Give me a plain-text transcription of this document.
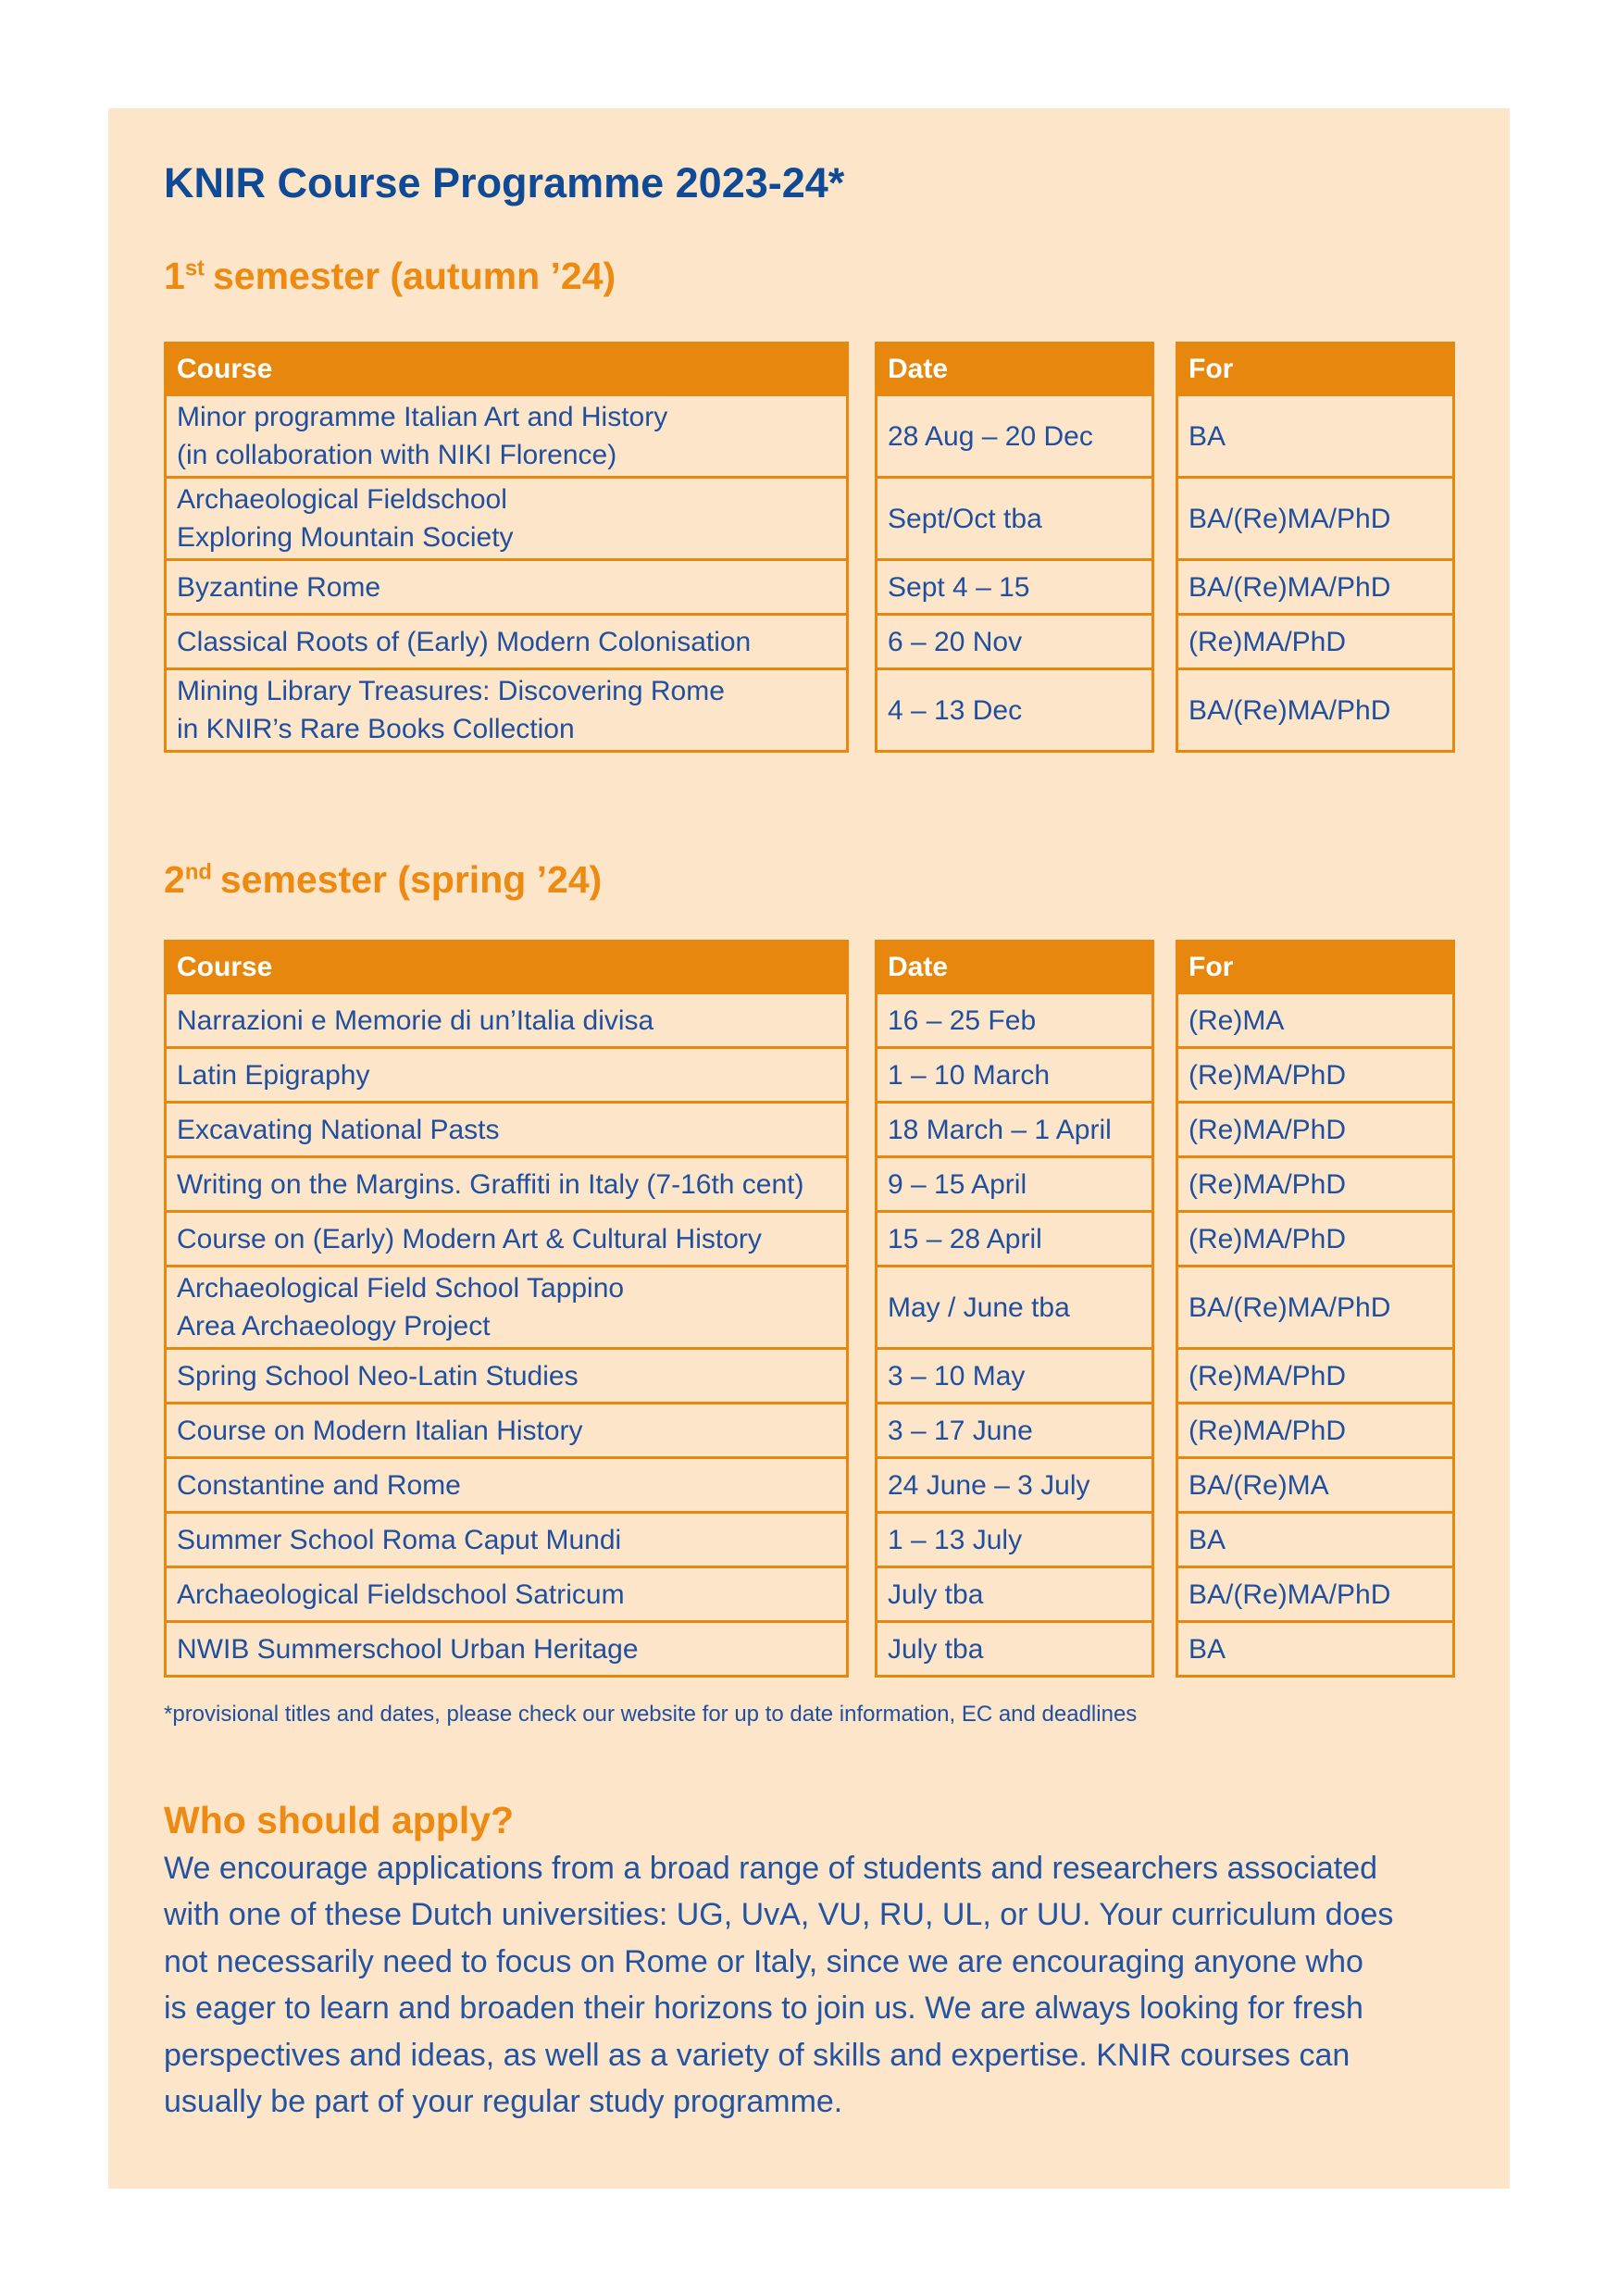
KNIR Course Programme 2023-24*
1st semester (autumn ’24)
Course	Date	For
Minor programme Italian Art and History
(in collaboration with NIKI Florence)
28 Aug – 20 Dec	BA
Archaeological Fieldschool
Exploring Mountain Society
Sept/Oct tba	BA/(Re)MA/PhD
Byzantine Rome	Sept 4 – 15	BA/(Re)MA/PhD
Classical Roots of (Early) Modern Colonisation	6 – 20 Nov	(Re)MA/PhD
Mining Library Treasures: Discovering Rome
in KNIR’s Rare Books Collection
4 – 13 Dec	BA/(Re)MA/PhD
2nd semester (spring ’24)
Course	Date	For
Narrazioni e Memorie di un’Italia divisa	16 – 25 Feb	(Re)MA
Latin Epigraphy	1 – 10 March	(Re)MA/PhD
Excavating National Pasts	18 March – 1 April	(Re)MA/PhD
Writing on the Margins. Graffiti in Italy (7-16th cent)	9 – 15 April	(Re)MA/PhD
Course on (Early) Modern Art & Cultural History	15 – 28 April	(Re)MA/PhD
Archaeological Field School Tappino
Area Archaeology Project
May / June tba	BA/(Re)MA/PhD
Spring School Neo-Latin Studies	3 – 10 May	(Re)MA/PhD
Course on Modern Italian History	3 – 17 June	(Re)MA/PhD
Constantine and Rome	24 June – 3 July	BA/(Re)MA
Summer School Roma Caput Mundi	1 – 13 July	BA
Archaeological Fieldschool Satricum	July tba	BA/(Re)MA/PhD
NWIB Summerschool Urban Heritage	July tba	BA

*provisional titles and dates, please check our website for up to date information, EC and deadlines

Who should apply?

We encourage applications from a broad range of students and researchers associated
with one of these Dutch universities: UG, UvA, VU, RU, UL, or UU. Your curriculum does
not necessarily need to focus on Rome or Italy, since we are encouraging anyone who
is eager to learn and broaden their horizons to join us. We are always looking for fresh
perspectives and ideas, as well as a variety of skills and expertise. KNIR courses can
usually be part of your regular study programme.
